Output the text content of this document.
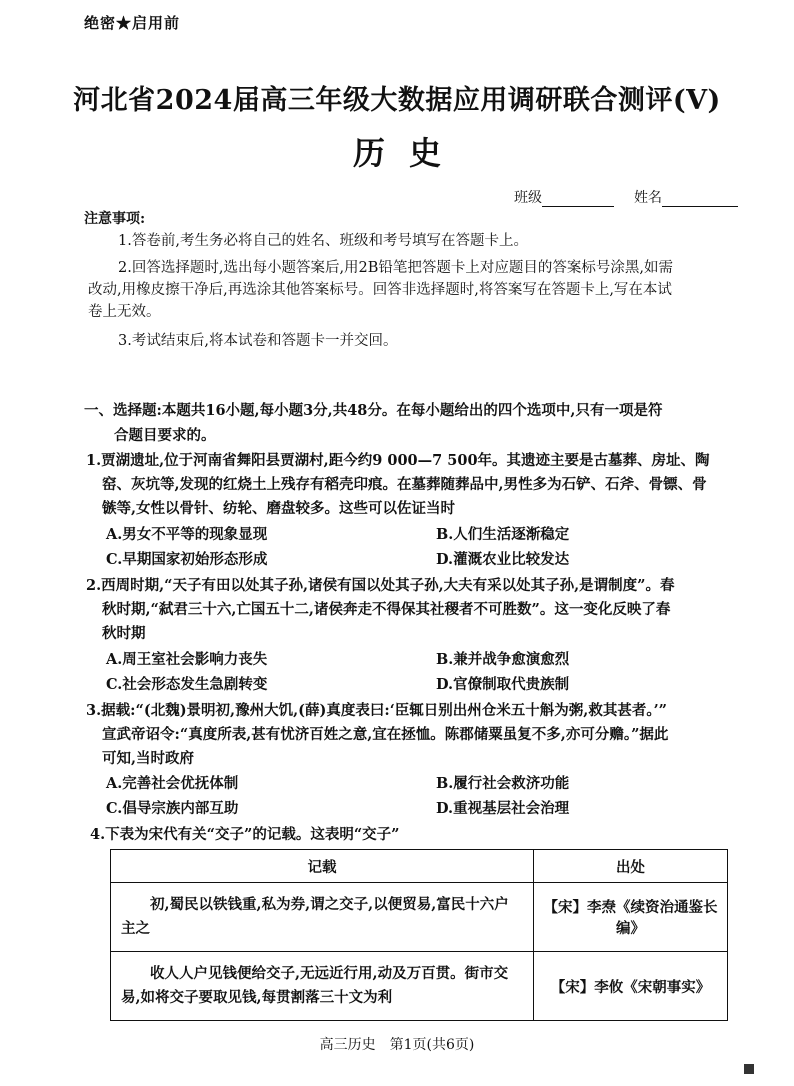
绝密★启用前
河北省2024届高三年级大数据应用调研联合测评(Ⅴ)
历史
班级	姓名
注意事项:
1.答卷前,考生务必将自己的姓名、班级和考号填写在答题卡上。
2.回答选择题时,选出每小题答案后,用2B铅笔把答题卡上对应题目的答案标号涂黑,如需
改动,用橡皮擦干净后,再选涂其他答案标号。回答非选择题时,将答案写在答题卡上,写在本试
卷上无效。
3.考试结束后,将本试卷和答题卡一并交回。
一、选择题:本题共16小题,每小题3分,共48分。在每小题给出的四个选项中,只有一项是符
合题目要求的。
1.贾湖遗址,位于河南省舞阳县贾湖村,距今约9 000—7 500年。其遗迹主要是古墓葬、房址、陶
窑、灰坑等,发现的红烧土上残存有稻壳印痕。在墓葬随葬品中,男性多为石铲、石斧、骨镖、骨
镞等,女性以骨针、纺轮、磨盘较多。这些可以佐证当时
A.男女不平等的现象显现	B.人们生活逐渐稳定
C.早期国家初始形态形成	D.灌溉农业比较发达
2.西周时期,“天子有田以处其子孙,诸侯有国以处其子孙,大夫有采以处其子孙,是谓制度”。春
秋时期,“弑君三十六,亡国五十二,诸侯奔走不得保其社稷者不可胜数”。这一变化反映了春
秋时期
A.周王室社会影响力丧失	B.兼并战争愈演愈烈
C.社会形态发生急剧转变	D.官僚制取代贵族制
3.据载:“(北魏)景明初,豫州大饥,(薛)真度表曰:‘臣辄日别出州仓米五十斛为粥,救其甚者。’”
宣武帝诏令:“真度所表,甚有忧济百姓之意,宜在拯恤。陈郡储粟虽复不多,亦可分赡。”据此
可知,当时政府
A.完善社会优抚体制	B.履行社会救济功能
C.倡导宗族内部互助	D.重视基层社会治理
4.下表为宋代有关“交子”的记载。这表明“交子”
记载	出处
初,蜀民以铁钱重,私为券,谓之交子,以便贸易,富民十六户主之	【宋】李焘《续资治通鉴长编》
收人人户见钱便给交子,无远近行用,动及万百贯。街市交易,如将交子要取见钱,每贯割落三十文为利	【宋】李攸《宋朝事实》
高三历史　第1页(共6页)
